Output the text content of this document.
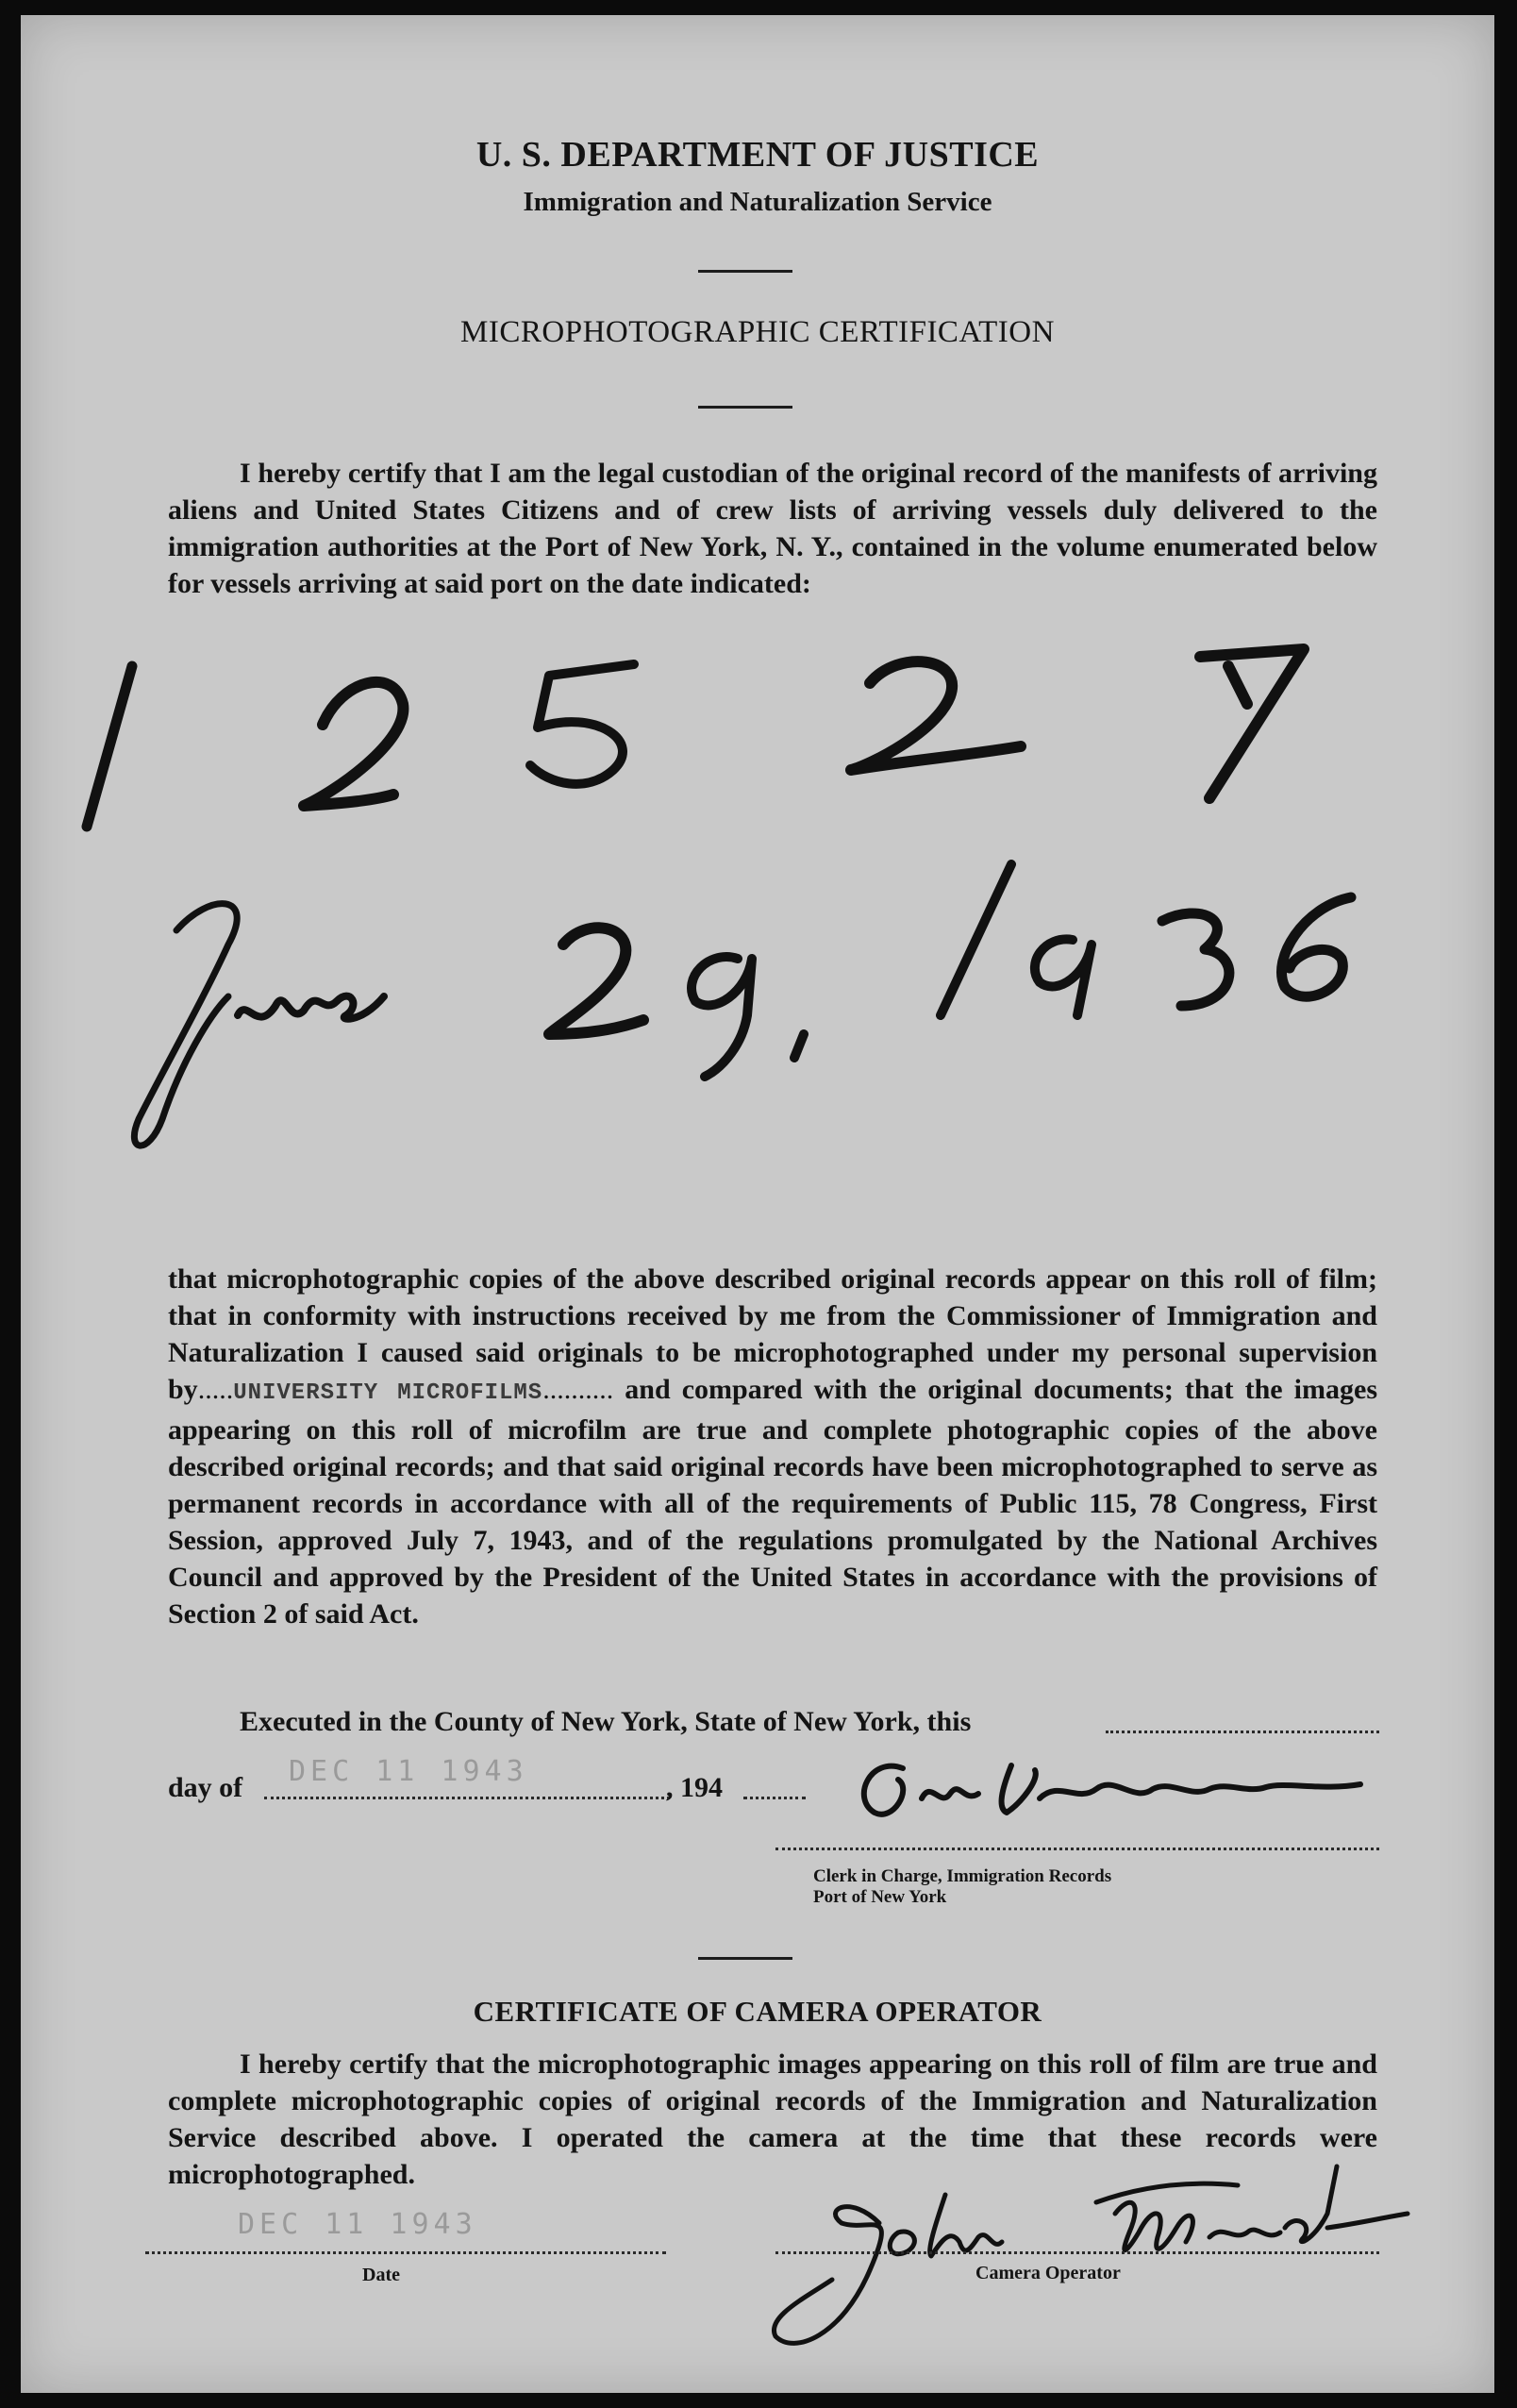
U. S. DEPARTMENT OF JUSTICE
Immigration and Naturalization Service
MICROPHOTOGRAPHIC CERTIFICATION
I hereby certify that I am the legal custodian of the original record of the manifests of arriving aliens and United States Citizens and of crew lists of arriving vessels duly delivered to the immigration authorities at the Port of New York, N. Y., contained in the volume enumerated below for vessels arriving at said port on the date indicated:
that microphotographic copies of the above described original records appear on this roll of film; that in conformity with instructions received by me from the Commissioner of Immigration and Naturalization I caused said originals to be microphotographed under my personal supervision by.....UNIVERSITY MICROFILMS.......... and compared with the original documents; that the images appearing on this roll of microfilm are true and complete photographic copies of the above described original records; and that said original records have been microphotographed to serve as permanent records in accordance with all of the requirements of Public 115, 78 Congress, First Session, approved July 7, 1943, and of the regulations promulgated by the National Archives Council and approved by the President of the United States in accordance with the provisions of Section 2 of said Act.
Executed in the County of New York, State of New York, this
day of DEC 11 1943	, 194
Clerk in Charge, Immigration Records
Port of New York
CERTIFICATE OF CAMERA OPERATOR
I hereby certify that the microphotographic images appearing on this roll of film are true and complete microphotographic copies of original records of the Immigration and Naturalization Service described above. I operated the camera at the time that these records were microphotographed.
DEC 11 1943
Date	Camera Operator
